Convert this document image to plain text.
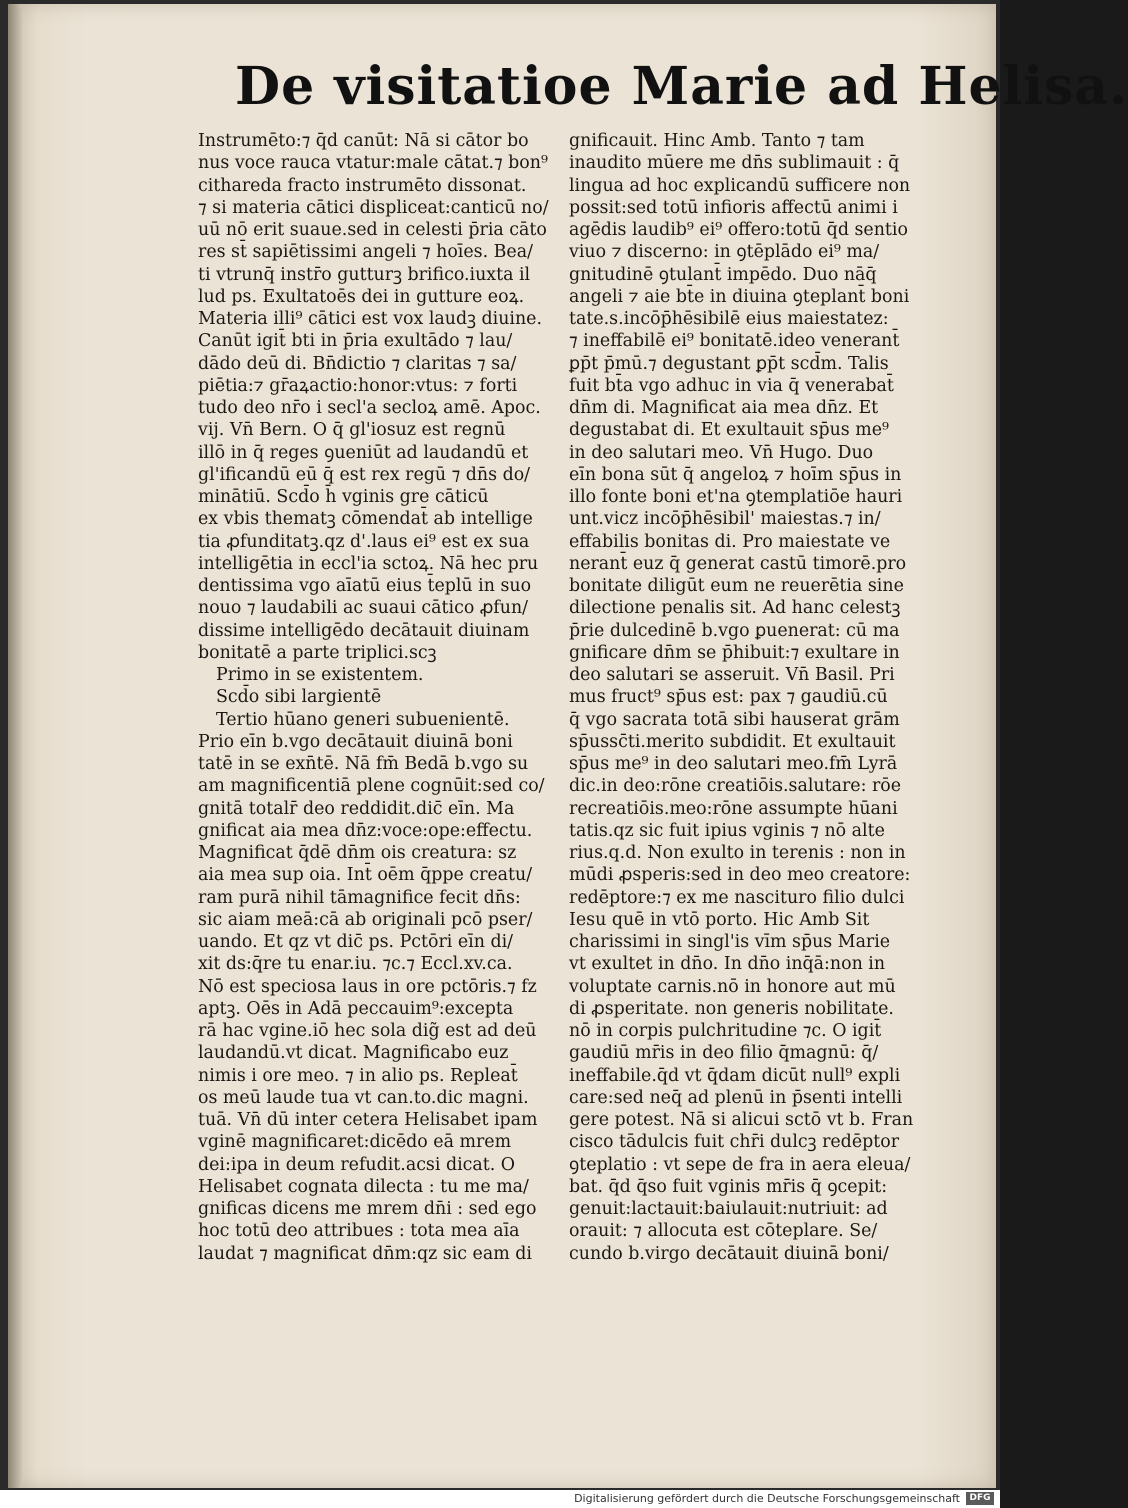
De visitatioe Marie ad Helisa.
Instrumēto:⁊ q̄d canūt: Nā si cātor bo
nus voce rauca vtatur:male cātat.⁊ bon⁹
citharedа fracto instrumēto dissonat.
⁊ si materia cātici displiceat:canticū no/
uū nō erit suaue.sed in celesti p̄ria cāto
res st̄ sapiētissimi angeli ⁊ hoīes. Bea/
ti vtrunq̄ instr̄o gutturꝫ brifico.iuxta il
lud ps. Exultatoēs dei in gutture eoꝝ.
Materia illi⁹ cātici est vox laudꝫ diuine.
Canūt igit̄ bti in p̄ria exultādo ⁊ lau/
dādo deū di. Bn̄dictio ⁊ claritas ⁊ sa/
piētia:⁊ gr̄aꝝactio:honor:vtus: ⁊ forti
tudo deo nr̄o i secl'a secloꝝ amē. Apoc.
vij. Vn̄ Bern. O q̄ gl'iosuz est regnū
illō in q̄ reges ꝯueniūt ad laudandū et
gl'ificandū eū q̄ est rex regū ⁊ dn̄s do/
minātiū. Scd̄o h̄ vginis gre cāticū
ex vbis thematꝫ cōmendat̄ ab intellige
tia ꝓfunditatꝫ.qz d'.laus ei⁹ est ex sua
intelligētia in eccl'ia sctoꝝ. Nā hec pru
dentissima vgo aīatū eius t̄eplū in suo
nouo ⁊ laudabili ac suaui cātico ꝓfun/
dissime intelligēdo decātauit diuinam
bonitatē a parte triplici.scꝫ
Primo in se existentem.
Scd̄o sibi largientē
Tertio hūano generi subuenientē.
Prio eīn b.vgo decātauit diuinā boni
tatē in se exn̄tē. Nā fm̄ Bedā b.vgo su
am magnificentiā plene cognūit:sed co/
gnitā totalr̄ deo reddidit.dic̄ eīn. Ma
gnificat aia mea dn̄z:voce:ope:effectu.
Magnificat q̄dē dn̄m ois creatura: sz
aia mea sup oia. Int̄ oēm q̄ppe creatu/
ram purā nihil tāmagnifice fecit dn̄s:
sic aiam meā:cā ab originali pcō pser/
uando. Et qz vt dic̄ ps. Pctōri eīn di/
xit ds:q̄re tu enar.iu. ⁊c.⁊ Eccl.xv.ca.
Nō est speciosa laus in ore pctōris.⁊ fz
aptꝫ. Oēs in Adā peccauim⁹:excepta
rā hac vgine.iō hec sola dig̃ est ad deū
laudandū.vt dicat. Magnificabo euz
nimis i ore meo. ⁊ in alio ps. Repleat̄
os meū laude tua vt can.to.dic magni.
tuā. Vn̄ dū inter cetera Helisabet ipam
vginē magnificaret:dicēdo eā mrem
dei:ipa in deum refudit.acsi dicat. O
Helisabet cognata dilecta : tu me ma/
gnificas dicens me mrem dn̄i : sed ego
hoc totū deo attribues : tota mea aīa
laudat ⁊ magnificat dn̄m:qz sic eam di
gnificauit. Hinc Amb. Tanto ⁊ tam
inaudito mūere me dn̄s sublimauit : q̄
lingua ad hoc explicandū sufficere non
possit:sed totū infioris affectū animi i
agēdis laudib⁹ ei⁹ offero:totū q̄d sentio
viuo ⁊ discerno: in ꝯtēplādo ei⁹ ma/
gnitudinē ꝯtulant̄ impēdo. Duo nāq̄
angeli ⁊ aie bt̄e in diuina ꝯteplant̄ boni
tate.s.incōp̄hēsibilē eius maiestatez:
⁊ ineffabilē ei⁹ bonitatē.ideo venerant̄
ꝑp̄t p̄mū.⁊ degustant ꝑp̄t scd̄m. Talis
fuit bt̄a vgo adhuc in via q̄ venerabat̄
dn̄m di. Magnificat aia mea dn̄z. Et
degustabat di. Et exultauit sp̄us me⁹
in deo salutari meo. Vn̄ Hugo. Duo
eīn bona sūt q̄ angeloꝝ ⁊ hoīm sp̄us in
illo fonte boni et'na ꝯtemplatiōe hauri
unt.vicz incōp̄hēsibil' maiestas.⁊ in/
effabilis bonitas di. Pro maiestate ve
nerant̄ euz q̄ generat castū timorē.pro
bonitate diligūt eum ne reuerētia sine
dilectione penalis sit. Ad hanc celestꝫ
p̄rie dulcedinē b.vgo ꝑuenerat: cū ma
gnificare dn̄m se p̄hibuit:⁊ exultare in
deo salutari se asseruit. Vn̄ Basil. Pri
mus fruct⁹ sp̄us est: pax ⁊ gaudiū.cū
q̄ vgo sacrata totā sibi hauserat grām
sp̄ussc̄ti.merito subdidit. Et exultauit
sp̄us me⁹ in deo salutari meo.fm̄ Lyrā
dic.in deo:rōne creatiōis.salutare: rōe
recreatiōis.meo:rōne assumpte hūani
tatis.qz sic fuit ipius vginis ⁊ nō alte
rius.q.d. Non exulto in terenis : non in
mūdi ꝓsperis:sed in deo meo creatore:
redēptore:⁊ ex me nasciturо filio dulci
Iesu quē in vtō porto. Hic Amb Sit
charissimi in singl'is vīm sp̄us Marie
vt exultet in dn̄o. In dn̄o inq̄ā:non in
voluptate carnis.nō in honore aut mū
di ꝓsperitate. non generis nobilitate.
nō in corpis pulchritudine ⁊c. O igit̄
gaudiū mr̄is in deo filio q̄magnū: q̄/
ineffabile.q̄d vt q̄dam dicūt null⁹ expli
care:sed neq̄ ad plenū in p̄senti intelli
gere potest. Nā si alicui sctō vt b. Fran
cisco tādulcis fuit chr̄i dulcꝫ redēptor
ꝯteplatio : vt sepe de fra in aera eleua/
bat. q̄d q̄so fuit vginis mr̄is q̄ ꝯcepit:
genuit:lactauit:baiulauit:nutriuit: ad
orauit: ⁊ allocuta est cōteplare. Se/
cundo b.virgo decātauit diuinā boni/
Digitalisierung gefördert durch die Deutsche Forschungsgemeinschaft	DFG
